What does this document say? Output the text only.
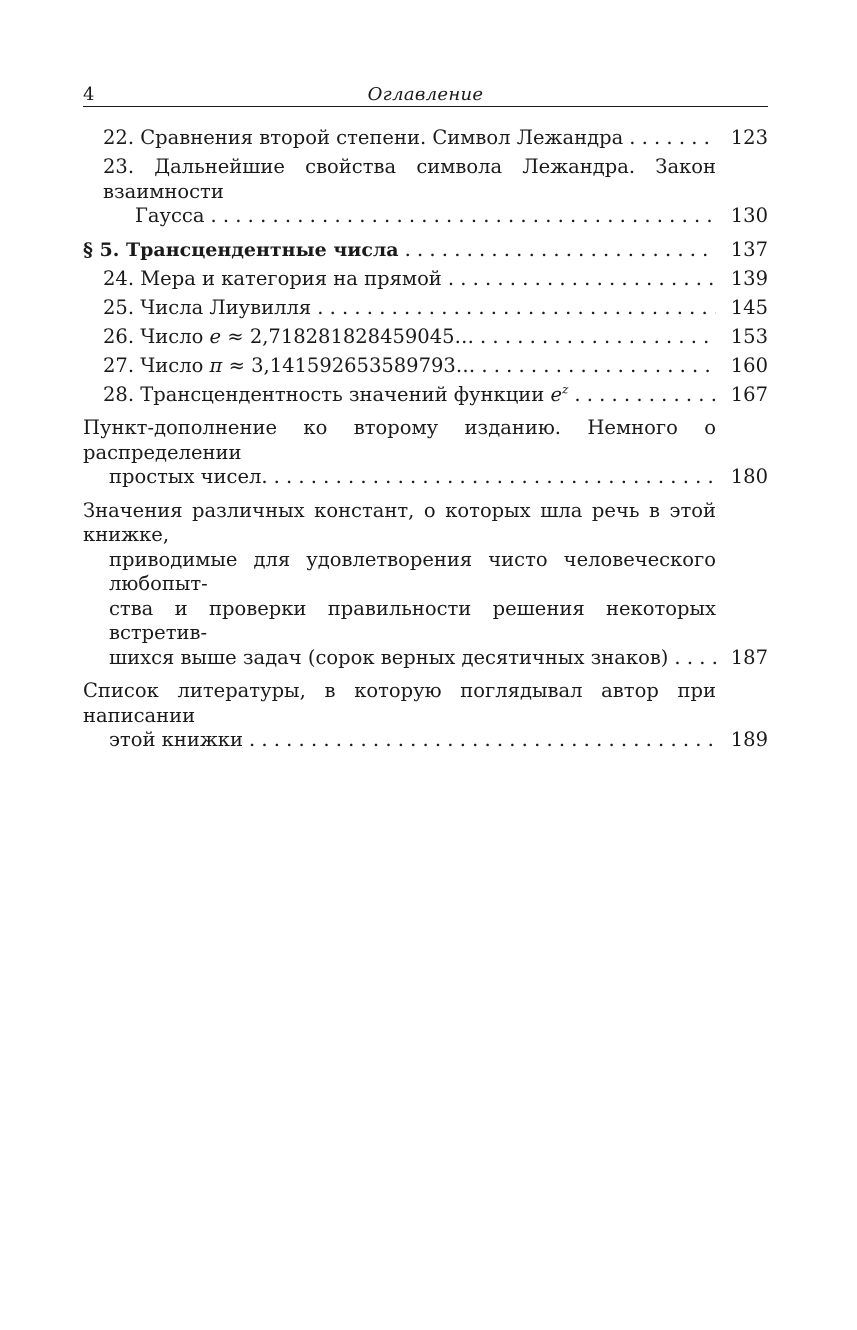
4	Оглавление
22. Сравнения второй степени. Символ Лежандра . . .	123
23. Дальнейшие свойства символа Лежандра. Закон взаимности
Гаусса . . .	130
§ 5. Трансцендентные числа . . .	137
24. Мера и категория на прямой . . .	139
25. Числа Лиувилля . . .	145
26. Число e ≈ 2,718281828459045… . . .	153
27. Число π ≈ 3,141592653589793… . . .	160
28. Трансцендентность значений функции $e^z$ . . .	167
Пункт-дополнение ко второму изданию. Немного о распределении
простых чисел. . . .	180
Значения различных констант, о которых шла речь в этой книжке,
приводимые для удовлетворения чисто человеческого любопыт-
ства и проверки правильности решения некоторых встретив-
шихся выше задач (сорок верных десятичных знаков) . . .	187
Список литературы, в которую поглядывал автор при написании
этой книжки . . .	189
